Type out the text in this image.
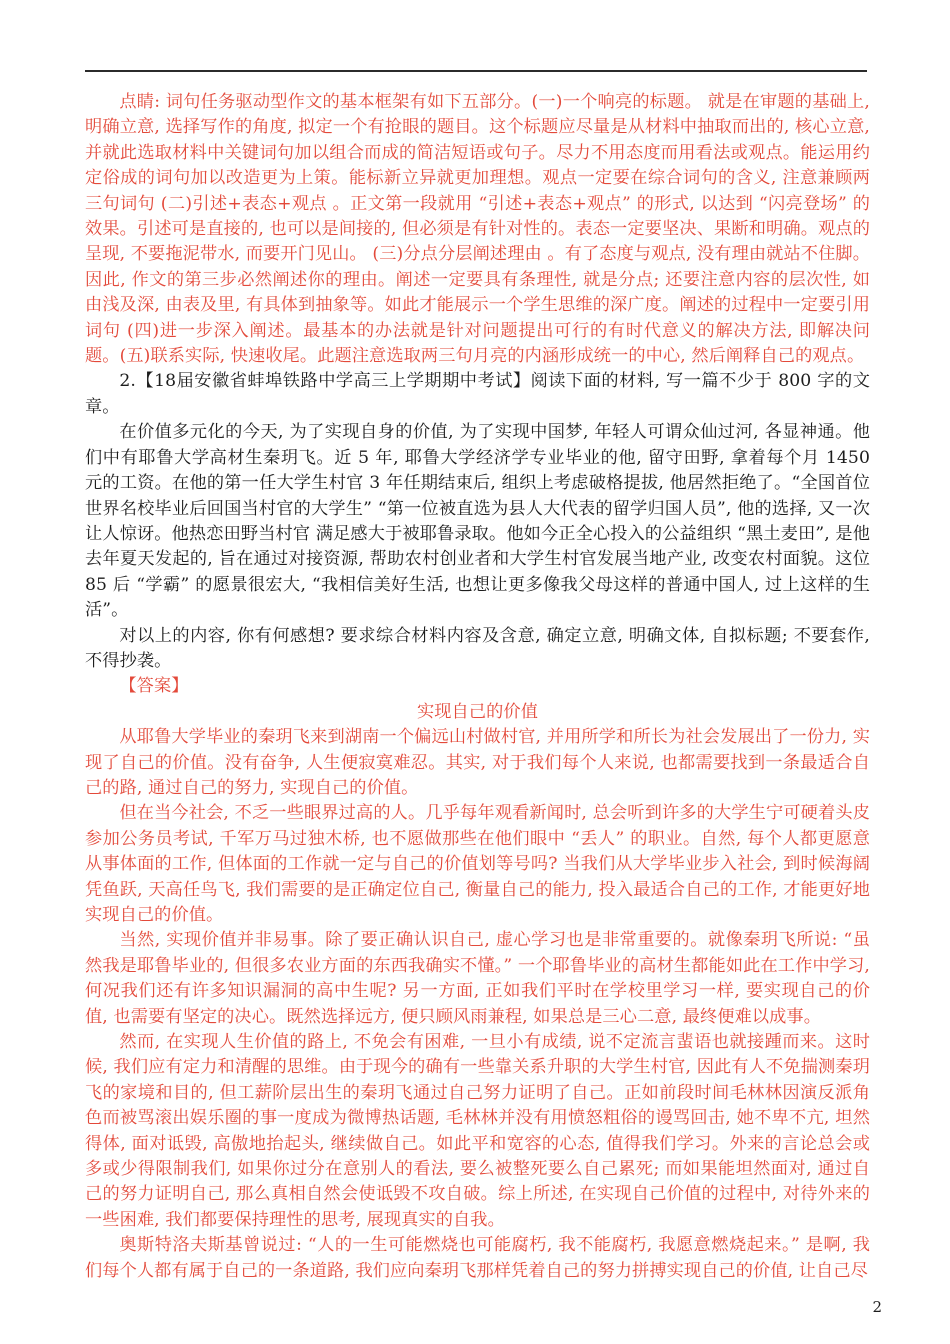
点睛: 词句任务驱动型作文的基本框架有如下五部分。(一)一个响亮的标题。 就是在审题的基础上, 明确立意, 选择写作的角度, 拟定一个有抢眼的题目。这个标题应尽量是从材料中抽取而出的, 核心立意, 并就此选取材料中关键词句加以组合而成的简洁短语或句子。尽力不用态度而用看法或观点。能运用约定俗成的词句加以改造更为上策。能标新立异就更加理想。观点一定要在综合词句的含义, 注意兼顾两三句词句 (二)引述+表态+观点 。正文第一段就用 “引述+表态+观点” 的形式, 以达到 “闪亮登场” 的效果。引述可是直接的, 也可以是间接的, 但必须是有针对性的。表态一定要坚决、果断和明确。观点的呈现, 不要拖泥带水, 而要开门见山。 (三)分点分层阐述理由 。有了态度与观点, 没有理由就站不住脚。因此, 作文的第三步必然阐述你的理由。阐述一定要具有条理性, 就是分点; 还要注意内容的层次性, 如由浅及深, 由表及里, 有具体到抽象等。如此才能展示一个学生思维的深广度。阐述的过程中一定要引用词句 (四)进一步深入阐述。最基本的办法就是针对问题提出可行的有时代意义的解决方法, 即解决问题。(五)联系实际, 快速收尾。此题注意选取两三句月亮的内涵形成统一的中心, 然后阐释自己的观点。

2.【18届安徽省蚌埠铁路中学高三上学期期中考试】阅读下面的材料, 写一篇不少于 800 字的文章。

在价值多元化的今天, 为了实现自身的价值, 为了实现中国梦, 年轻人可谓众仙过河, 各显神通。他们中有耶鲁大学高材生秦玥飞。近 5 年, 耶鲁大学经济学专业毕业的他, 留守田野, 拿着每个月 1450 元的工资。在他的第一任大学生村官 3 年任期结束后, 组织上考虑破格提拔, 他居然拒绝了。“全国首位世界名校毕业后回国当村官的大学生” “第一位被直选为县人大代表的留学归国人员”, 他的选择, 又一次让人惊讶。他热恋田野当村官 满足感大于被耶鲁录取。他如今正全心投入的公益组织 “黑土麦田”, 是他去年夏天发起的, 旨在通过对接资源, 帮助农村创业者和大学生村官发展当地产业, 改变农村面貌。这位 85 后 “学霸” 的愿景很宏大, “我相信美好生活, 也想让更多像我父母这样的普通中国人, 过上这样的生活”。

对以上的内容, 你有何感想? 要求综合材料内容及含意, 确定立意, 明确文体, 自拟标题; 不要套作, 不得抄袭。

【答案】

实现自己的价值

从耶鲁大学毕业的秦玥飞来到湖南一个偏远山村做村官, 并用所学和所长为社会发展出了一份力, 实现了自己的价值。没有奋争, 人生便寂寞难忍。其实, 对于我们每个人来说, 也都需要找到一条最适合自己的路, 通过自己的努力, 实现自己的价值。

但在当今社会, 不乏一些眼界过高的人。几乎每年观看新闻时, 总会听到许多的大学生宁可硬着头皮参加公务员考试, 千军万马过独木桥, 也不愿做那些在他们眼中 “丢人” 的职业。自然, 每个人都更愿意从事体面的工作, 但体面的工作就一定与自己的价值划等号吗? 当我们从大学毕业步入社会, 到时候海阔凭鱼跃, 天高任鸟飞, 我们需要的是正确定位自己, 衡量自己的能力, 投入最适合自己的工作, 才能更好地实现自己的价值。

当然, 实现价值并非易事。除了要正确认识自己, 虚心学习也是非常重要的。就像秦玥飞所说: “虽然我是耶鲁毕业的, 但很多农业方面的东西我确实不懂。” 一个耶鲁毕业的高材生都能如此在工作中学习, 何况我们还有许多知识漏洞的高中生呢? 另一方面, 正如我们平时在学校里学习一样, 要实现自己的价值, 也需要有坚定的决心。既然选择远方, 便只顾风雨兼程, 如果总是三心二意, 最终便难以成事。

然而, 在实现人生价值的路上, 不免会有困难, 一旦小有成绩, 说不定流言蜚语也就接踵而来。这时候, 我们应有定力和清醒的思维。由于现今的确有一些靠关系升职的大学生村官, 因此有人不免揣测秦玥飞的家境和目的, 但工薪阶层出生的秦玥飞通过自己努力证明了自己。正如前段时间毛林林因演反派角色而被骂滚出娱乐圈的事一度成为微博热话题, 毛林林并没有用愤怒粗俗的谩骂回击, 她不卑不亢, 坦然得体, 面对诋毁, 高傲地抬起头, 继续做自己。如此平和宽容的心态, 值得我们学习。外来的言论总会或多或少得限制我们, 如果你过分在意别人的看法, 要么被整死要么自己累死; 而如果能坦然面对, 通过自己的努力证明自己, 那么真相自然会使诋毁不攻自破。综上所述, 在实现自己价值的过程中, 对待外来的一些困难, 我们都要保持理性的思考, 展现真实的自我。

奥斯特洛夫斯基曾说过: “人的一生可能燃烧也可能腐朽, 我不能腐朽, 我愿意燃烧起来。” 是啊, 我们每个人都有属于自己的一条道路, 我们应向秦玥飞那样凭着自己的努力拼搏实现自己的价值, 让自己尽

2
